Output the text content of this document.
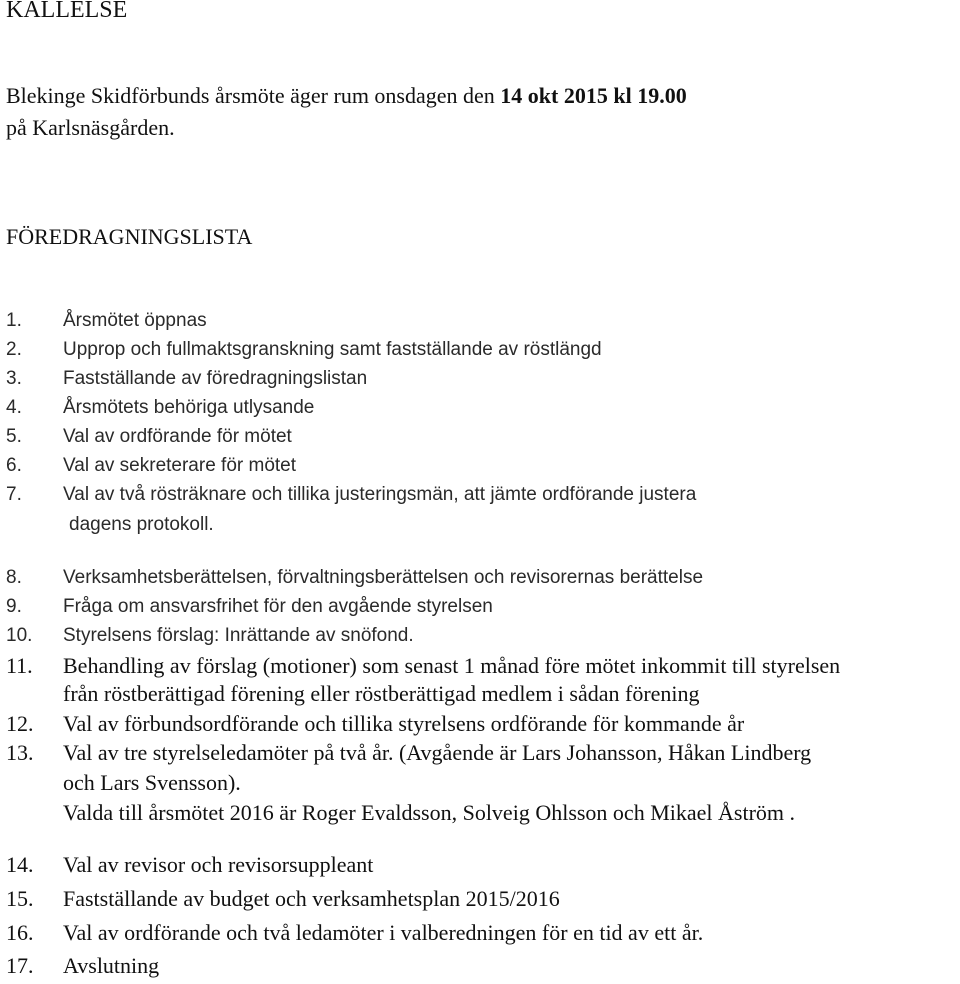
KALLELSE
Blekinge Skidförbunds årsmöte äger rum onsdagen den 14 okt 2015 kl 19.00
på Karlsnäsgården.
FÖREDRAGNINGSLISTA
1. Årsmötet öppnas
2. Upprop och fullmaktsgranskning samt fastställande av röstlängd
3. Fastställande av föredragningslistan
4. Årsmötets behöriga utlysande
5. Val av ordförande för mötet
6. Val av sekreterare för mötet
7. Val av två rösträknare och tillika justeringsmän, att jämte ordförande justera
dagens protokoll.
8. Verksamhetsberättelsen, förvaltningsberättelsen och revisorernas berättelse
9. Fråga om ansvarsfrihet för den avgående styrelsen
10. Styrelsens förslag: Inrättande av snöfond.
11. Behandling av förslag (motioner) som senast 1 månad före mötet inkommit till styrelsen
från röstberättigad förening eller röstberättigad medlem i sådan förening
12. Val av förbundsordförande och tillika styrelsens ordförande för kommande år
13. Val av tre styrelseledamöter på två år. (Avgående är Lars Johansson, Håkan Lindberg
och Lars Svensson).
Valda till årsmötet 2016 är Roger Evaldsson, Solveig Ohlsson och Mikael Åström .
14. Val av revisor och revisorsuppleant
15. Fastställande av budget och verksamhetsplan 2015/2016
16. Val av ordförande och två ledamöter i valberedningen för en tid av ett år.
17. Avslutning
